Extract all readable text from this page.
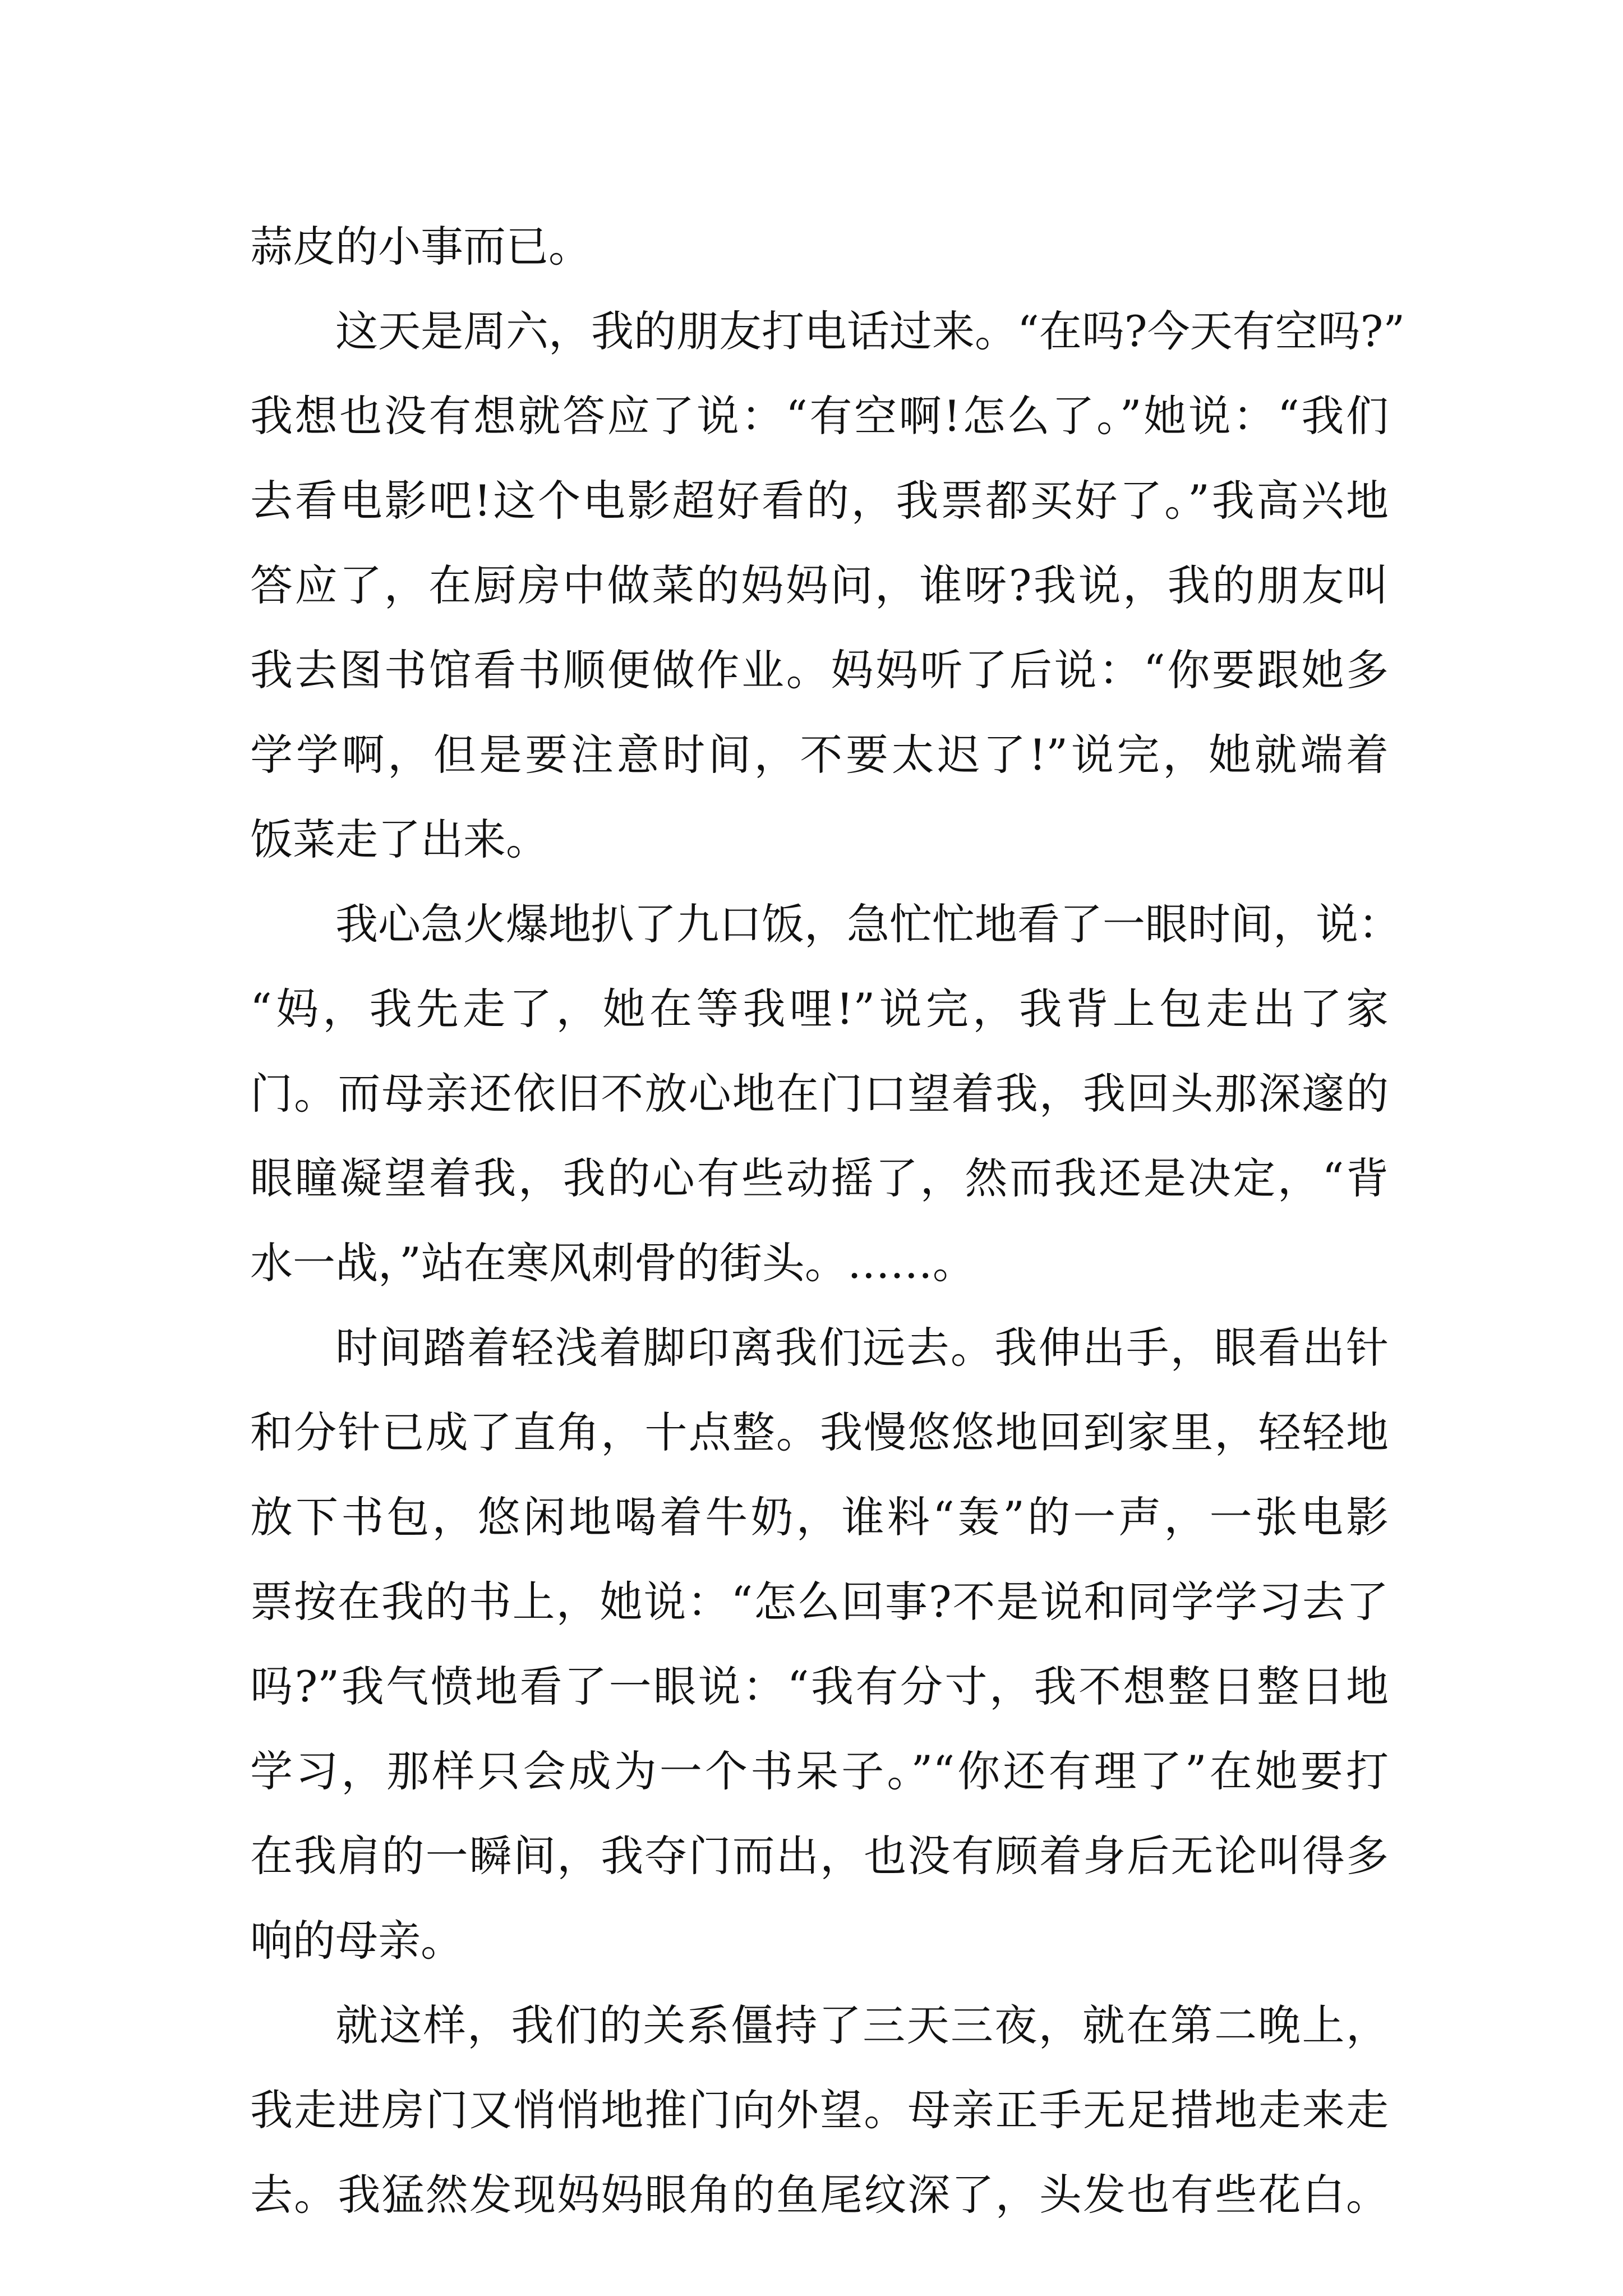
蒜皮的小事而已。
这天是周六，我的朋友打电话过来。“在吗?今天有空吗?”
我想也没有想就答应了说：“有空啊!怎么了。”她说：“我们
去看电影吧!这个电影超好看的，我票都买好了。”我高兴地
答应了，在厨房中做菜的妈妈问，谁呀?我说，我的朋友叫
我去图书馆看书顺便做作业。妈妈听了后说：“你要跟她多
学学啊，但是要注意时间，不要太迟了!”说完，她就端着
饭菜走了出来。
我心急火爆地扒了九口饭，急忙忙地看了一眼时间，说：
“妈，我先走了，她在等我哩!”说完，我背上包走出了家
门。而母亲还依旧不放心地在门口望着我，我回头那深邃的
眼瞳凝望着我，我的心有些动摇了，然而我还是决定，“背
水一战，”站在寒风刺骨的街头。……。
时间踏着轻浅着脚印离我们远去。我伸出手，眼看出针
和分针已成了直角，十点整。我慢悠悠地回到家里，轻轻地
放下书包，悠闲地喝着牛奶，谁料“轰”的一声，一张电影
票按在我的书上，她说：“怎么回事?不是说和同学学习去了
吗?”我气愤地看了一眼说：“我有分寸，我不想整日整日地
学习，那样只会成为一个书呆子。”“你还有理了”在她要打
在我肩的一瞬间，我夺门而出，也没有顾着身后无论叫得多
响的母亲。
就这样，我们的关系僵持了三天三夜，就在第二晚上，
我走进房门又悄悄地推门向外望。母亲正手无足措地走来走
去。我猛然发现妈妈眼角的鱼尾纹深了，头发也有些花白。
